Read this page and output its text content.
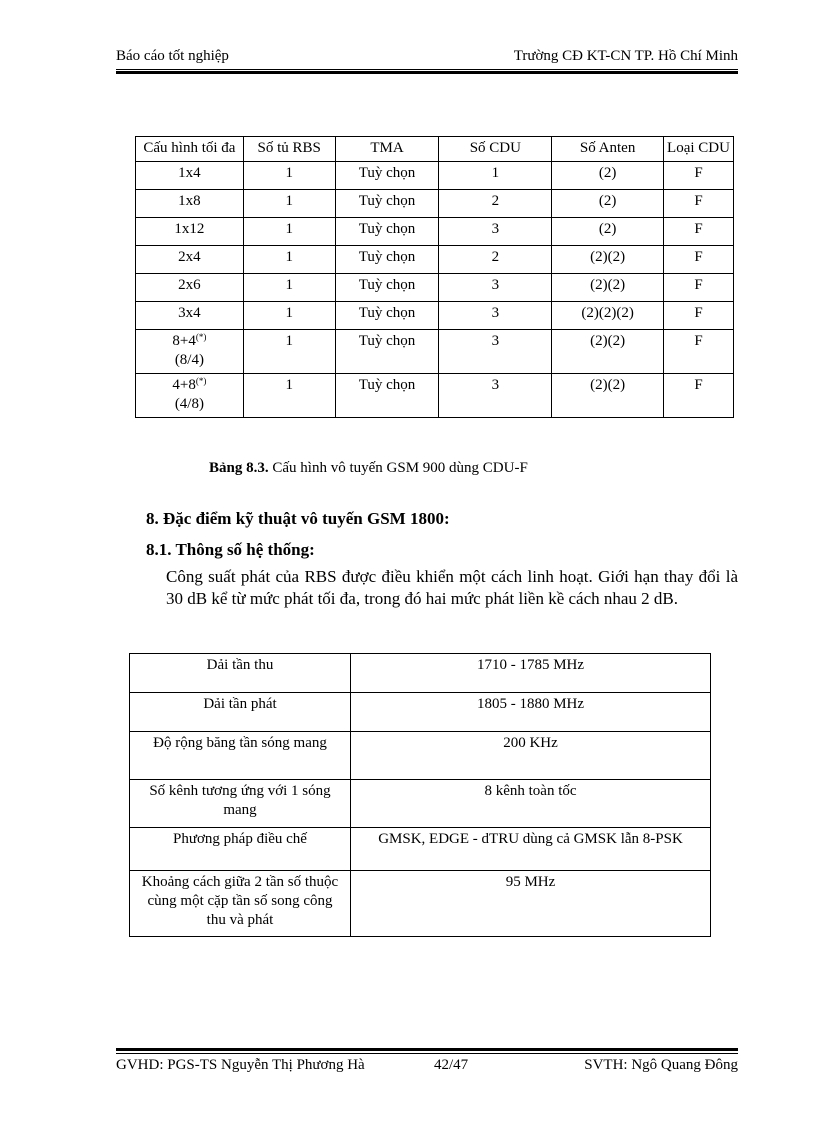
Báo cáo tốt nghiệp	Trường CĐ KT-CN TP. Hồ Chí Minh
Cấu hình tối đa	Số tủ RBS	TMA	Số CDU	Số Anten	Loại CDU
1x4	1	Tuỳ chọn	1	(2)	F
1x8	1	Tuỳ chọn	2	(2)	F
1x12	1	Tuỳ chọn	3	(2)	F
2x4	1	Tuỳ chọn	2	(2)(2)	F
2x6	1	Tuỳ chọn	3	(2)(2)	F
3x4	1	Tuỳ chọn	3	(2)(2)(2)	F
8+4(*)
(8/4)	1	Tuỳ chọn	3	(2)(2)	F
4+8(*)
(4/8)	1	Tuỳ chọn	3	(2)(2)	F
Bảng 8.3. Cấu hình vô tuyến GSM 900 dùng CDU-F
8. Đặc điểm kỹ thuật vô tuyến GSM 1800:
8.1. Thông số hệ thống:
Công suất phát của RBS được điều khiển một cách linh hoạt. Giới hạn thay đổi là 30 dB kể từ mức phát tối đa, trong đó hai mức phát liền kề cách nhau 2 dB.
Dải tần thu	1710 - 1785 MHz
Dải tần phát	1805 - 1880 MHz
Độ rộng băng tần sóng mang	200 KHz
Số kênh tương ứng với 1 sóng mang	8 kênh toàn tốc
Phương pháp điều chế	GMSK, EDGE - dTRU dùng cả GMSK lẫn 8-PSK
Khoảng cách giữa 2 tần số thuộc cùng một cặp tần số song công thu và phát	95 MHz
GVHD: PGS-TS Nguyễn Thị Phương Hà	42/47	SVTH: Ngô Quang Đông
